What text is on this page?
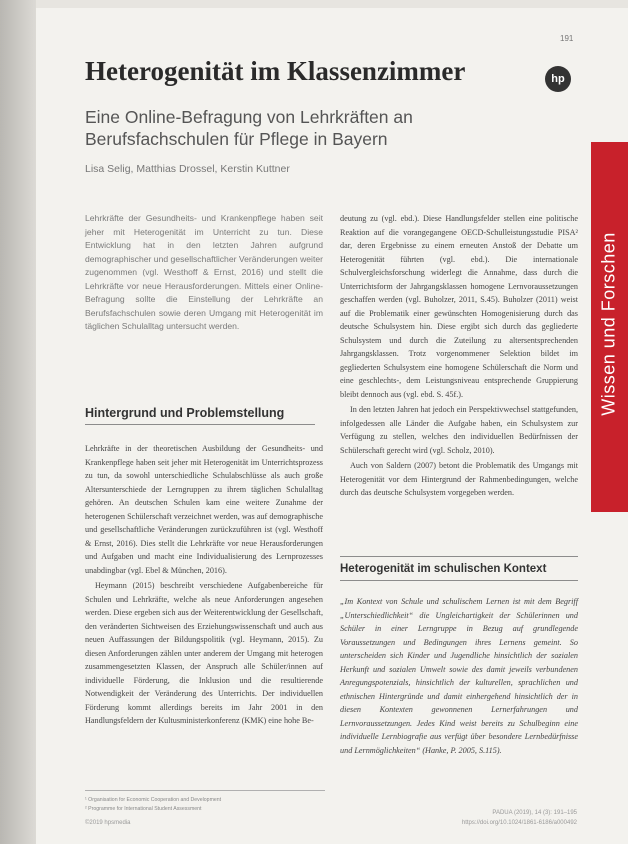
191
Wissen und Forschen
Heterogenität im Klassenzimmer	hp

Eine Online-Befragung von Lehrkräften an Berufsfachschulen für Pflege in Bayern

Lisa Selig, Matthias Drossel, Kerstin Kuttner

Lehrkräfte der Gesundheits- und Krankenpflege haben seit jeher mit Heterogenität im Unterricht zu tun. Diese Entwicklung hat in den letzten Jahren aufgrund demographischer und gesellschaftlicher Veränderungen weiter zugenommen (vgl. Westhoff & Ernst, 2016) und stellt die Lehrkräfte vor neue Herausforderungen. Mittels einer Online-Befragung sollte die Einstellung der Lehrkräfte an Berufsfachschulen sowie deren Umgang mit Heterogenität im täglichen Schulalltag untersucht werden.

Hintergrund und Problemstellung

Lehrkräfte in der theoretischen Ausbildung der Gesundheits- und Krankenpflege haben seit jeher mit Heterogenität im Unterrichtsprozess zu tun, da sowohl unterschiedliche Schulabschlüsse als auch große Altersunterschiede der Lerngruppen zu ihrem täglichen Schulalltag gehören. An deutschen Schulen kam eine weitere Zunahme der heterogenen Schülerschaft verzeichnet werden, was auf demographische und gesellschaftliche Veränderungen zurückzuführen ist (vgl. Westhoff & Ernst, 2016). Dies stellt die Lehrkräfte vor neue Herausforderungen und Aufgaben und macht eine Individualisierung des Lernprozesses unabdingbar (vgl. Ebel & München, 2016).

Heymann (2015) beschreibt verschiedene Aufgabenbereiche für Schulen und Lehrkräfte, welche als neue Anforderungen angesehen werden. Diese ergeben sich aus der Weiterentwicklung der Gesellschaft, den veränderten Sichtweisen des Erziehungswissenschaft und auch aus neuen Auffassungen der Bildungspolitik (vgl. Heymann, 2015). Zu diesen Anforderungen zählen unter anderem der Umgang mit heterogen zusammengesetzten Klassen, der Anspruch alle Schüler/innen auf individuelle Förderung, die Inklusion und die resultierende Notwendigkeit der Veränderung des Unterrichts. Der individuellen Förderung kommt allerdings bereits im Jahr 2001 in den Handlungsfeldern der Kultusministerkonferenz (KMK) eine hohe Be-

deutung zu (vgl. ebd.). Diese Handlungsfelder stellen eine politische Reaktion auf die vorangegangene OECD-Schulleistungsstudie PISA² dar, deren Ergebnisse zu einem erneuten Anstoß der Debatte um Heterogenität führten (vgl. ebd.). Die internationale Schulvergleichsforschung widerlegt die Annahme, dass durch die Unterrichtsform der Jahrgangsklassen homogene Lernvoraussetzungen geschaffen werden (vgl. Buholzer, 2011, S.45). Buholzer (2011) weist auf die Problematik einer gewünschten Homogenisierung durch das deutsche Schulsystem hin. Diese ergibt sich durch das gegliederte Schulsystem und durch die Zuteilung zu altersentsprechenden Jahrgangsklassen. Trotz vorgenommener Selektion bildet im gegliederten Schulsystem eine homogene Schülerschaft die Norm und eine geschlechts-, dem Leistungsniveau entsprechende Gruppierung bleibt dennoch aus (vgl. ebd. S. 45f.).

In den letzten Jahren hat jedoch ein Perspektivwechsel stattgefunden, infolgedessen alle Länder die Aufgabe haben, ein Schulsystem zur Verfügung zu stellen, welches den individuellen Bedürfnissen der Schülerschaft gerecht wird (vgl. Scholz, 2010).

Auch von Saldern (2007) betont die Problematik des Umgangs mit Heterogenität vor dem Hintergrund der Rahmenbedingungen, welche durch das deutsche Schulsystem vorgegeben werden.

Heterogenität im schulischen Kontext

„Im Kontext von Schule und schulischem Lernen ist mit dem Begriff „Unterschiedlichkeit“ die Ungleichartigkeit der Schülerinnen und Schüler in einer Lerngruppe in Bezug auf grundlegende Voraussetzungen und Bedingungen ihres Lernens gemeint. So unterscheiden sich Kinder und Jugendliche hinsichtlich der sozialen Herkunft und sozialen Umwelt sowie des damit jeweils verbundenen Anregungspotenzials, hinsichtlich der kulturellen, sprachlichen und ethnischen Hintergründe und damit einhergehend hinsichtlich der in diesen Kontexten gewonnenen Lernerfahrungen und Lernvoraussetzungen. Jedes Kind weist bereits zu Schulbeginn eine individuelle Lernbiografie aus verfügt über besondere Lernbedürfnisse und Lernmöglichkeiten“ (Hanke, P. 2005, S.115).

¹ Organisation for Economic Cooperation and Development
² Programme for International Student Assessment
©2019 hpsmedia
PADUA (2019), 14 (3): 191–195
https://doi.org/10.1024/1861-6186/a000492
